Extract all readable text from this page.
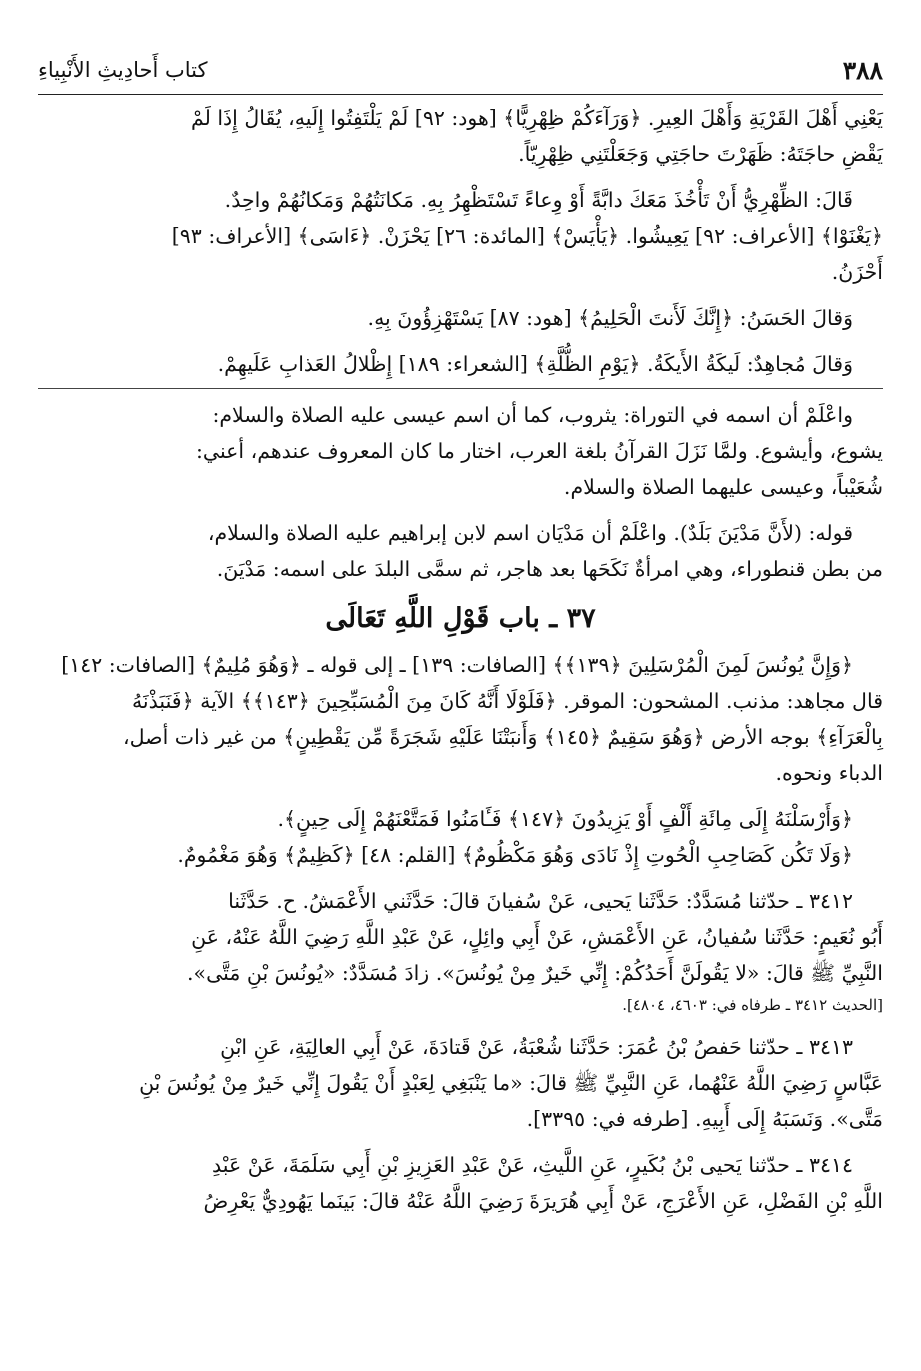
٣٨٨
كتاب أَحادِيثِ الأَنْبِياءِ

يَعْنِي أَهْلَ القَرْيَةِ وَأَهْلَ العِيرِ. ﴿وَرَآءَكُمْ ظِهْرِيًّا﴾ [هود: ٩٢] لَمْ يَلْتَفِتُوا إِلَيهِ، يُقَالُ إِذَا لَمْ

يَقْضِ حاجَتَهُ: ظَهَرْتَ حاجَتِي وَجَعَلْتَنِي ظِهْرِيّاً.

قَالَ: الظِّهْرِيُّ أَنْ تَأْخُذَ مَعَكَ دابَّةً أَوْ وِعاءً تَسْتَظْهِرُ بِهِ. مَكانَتُهُمْ وَمَكانُهُمْ واحِدٌ.

﴿يَغْنَوْا﴾ [الأعراف: ٩٢] يَعِيشُوا. ﴿يَأْيَسْ﴾ [المائدة: ٢٦] يَحْزَنْ. ﴿ءَاسَى﴾ [الأعراف: ٩٣]

أَحْزَنُ.

وَقالَ الحَسَنُ: ﴿إِنَّكَ لَأَنتَ الْحَلِيمُ﴾ [هود: ٨٧] يَسْتَهْزِؤُونَ بِهِ.

وَقالَ مُجاهِدٌ: لَيكَةُ الأَيكَةُ. ﴿يَوْمِ الظُّلَّةِ﴾ [الشعراء: ١٨٩] إِظْلالُ العَذابِ عَلَيهِمْ.

واعْلَمْ أن اسمه في التوراة: يثروب، كما أن اسم عيسى عليه الصلاة والسلام:

يشوع، وأيشوع. ولمَّا نَزَلَ القرآنُ بلغة العرب، اختار ما كان المعروف عندهم، أعني:

شُعَيْباً، وعيسى عليهما الصلاة والسلام.

قوله: (لأَنَّ مَدْيَنَ بَلَدٌ). واعْلَمْ أن مَدْيَان اسم لابن إبراهيم عليه الصلاة والسلام،

من بطن قنطوراء، وهي امرأةٌ نَكَحَها بعد هاجر، ثم سمَّى البلدَ على اسمه: مَدْيَنَ.

٣٧ ـ باب قَوْلِ اللَّهِ تَعَالَى

﴿وَإِنَّ يُونُسَ لَمِنَ الْمُرْسَلِينَ ﴿١٣٩﴾﴾ [الصافات: ١٣٩] ـ إلى قوله ـ ﴿وَهُوَ مُلِيمٌ﴾ [الصافات: ١٤٢]

قال مجاهد: مذنب. المشحون: الموقر. ﴿فَلَوْلَا أَنَّهُ كَانَ مِنَ الْمُسَبِّحِينَ ﴿١٤٣﴾﴾ الآية ﴿فَنَبَذْنَهُ

بِالْعَرَآءِ﴾ بوجه الأرض ﴿وَهُوَ سَقِيمٌ ﴿١٤٥﴾ وَأَنبَتْنَا عَلَيْهِ شَجَرَةً مِّن يَقْطِينٍ﴾ من غير ذات أصل،

الدباء ونحوه.

﴿وَأَرْسَلْنَهُ إِلَى مِائَةِ أَلْفٍ أَوْ يَزِيدُونَ ﴿١٤٧﴾ فَـَٔامَنُوا فَمَتَّعْنَهُمْ إِلَى حِينٍ﴾.

﴿وَلَا تَكُن كَصَاحِبِ الْحُوتِ إِذْ نَادَى وَهُوَ مَكْظُومٌ﴾ [القلم: ٤٨] ﴿كَظِيمٌ﴾ وَهُوَ مَغْمُومٌ.

٣٤١٢ ـ حدّثنا مُسَدَّدٌ: حَدَّثَنا يَحيى، عَنْ سُفيانَ قالَ: حَدَّثَني الأَعْمَشُ. ح. حَدَّثَنا

أَبُو نُعَيمٍ: حَدَّثَنا سُفيانُ، عَنِ الأَعْمَشِ، عَنْ أَبِي وائِلٍ، عَنْ عَبْدِ اللَّهِ رَضِيَ اللَّهُ عَنْهُ، عَنِ

النَّبِيِّ ﷺ قالَ: «لا يَقُولَنَّ أَحَدُكُمْ: إِنِّي خَيرٌ مِنْ يُونُسَ». زادَ مُسَدَّدٌ: «يُونُسَ بْنِ مَتَّى».

[الحديث ٣٤١٢ ـ طرفاه في: ٤٦٠٣، ٤٨٠٤].

٣٤١٣ ـ حدّثنا حَفصُ بْنُ عُمَرَ: حَدَّثَنا شُعْبَةُ، عَنْ قَتادَةَ، عَنْ أَبِي العالِيَةِ، عَنِ ابْنِ

عَبَّاسٍ رَضِيَ اللَّهُ عَنْهُما، عَنِ النَّبِيِّ ﷺ قالَ: «ما يَنْبَغِي لِعَبْدٍ أَنْ يَقُولَ إِنِّي خَيرٌ مِنْ يُونُسَ بْنِ

مَتَّى». وَنَسَبَهُ إِلَى أَبِيهِ. [طرفه في: ٣٣٩٥].

٣٤١٤ ـ حدّثنا يَحيى بْنُ بُكَيرٍ، عَنِ اللَّيثِ، عَنْ عَبْدِ العَزِيزِ بْنِ أَبِي سَلَمَةَ، عَنْ عَبْدِ

اللَّهِ بْنِ الفَضْلِ، عَنِ الأَعْرَجِ، عَنْ أَبِي هُرَيرَةَ رَضِيَ اللَّهُ عَنْهُ قالَ: بَينَما يَهُودِيٌّ يَعْرِضُ
